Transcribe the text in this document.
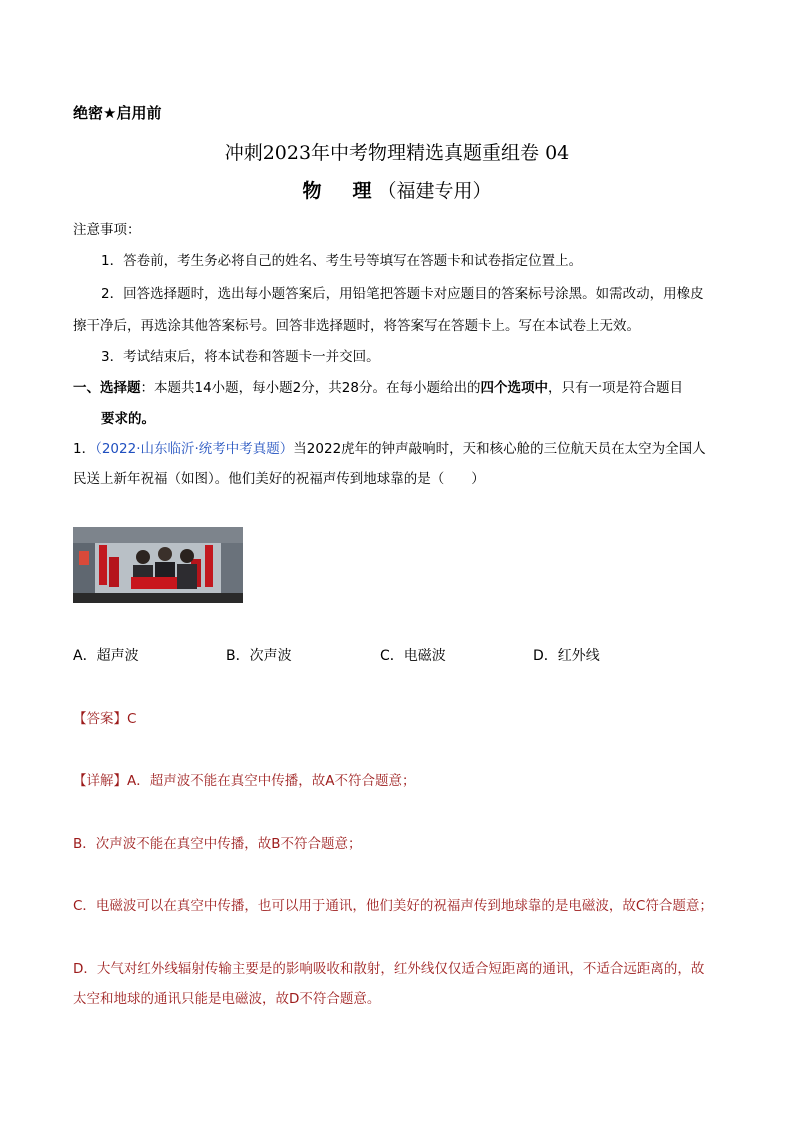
绝密★启用前
冲刺2023年中考物理精选真题重组卷 04
物　理（福建专用）
注意事项：
1．答卷前，考生务必将自己的姓名、考生号等填写在答题卡和试卷指定位置上。
2．回答选择题时，选出每小题答案后，用铅笔把答题卡对应题目的答案标号涂黑。如需改动，用橡皮
擦干净后，再选涂其他答案标号。回答非选择题时，将答案写在答题卡上。写在本试卷上无效。
3．考试结束后，将本试卷和答题卡一并交回。
一、选择题：本题共14小题，每小题2分，共28分。在每小题给出的四个选项中，只有一项是符合题目
要求的。
1．（2022·山东临沂·统考中考真题）当2022虎年的钟声敲响时，天和核心舱的三位航天员在太空为全国人
民送上新年祝福（如图）。他们美好的祝福声传到地球靠的是（　　）
A．超声波	B．次声波	C．电磁波	D．红外线
【答案】C
【详解】A．超声波不能在真空中传播，故A不符合题意；
B．次声波不能在真空中传播，故B不符合题意；
C．电磁波可以在真空中传播，也可以用于通讯，他们美好的祝福声传到地球靠的是电磁波，故C符合题意；
D．大气对红外线辐射传输主要是的影响吸收和散射，红外线仅仅适合短距离的通讯，不适合远距离的，故
太空和地球的通讯只能是电磁波，故D不符合题意。
